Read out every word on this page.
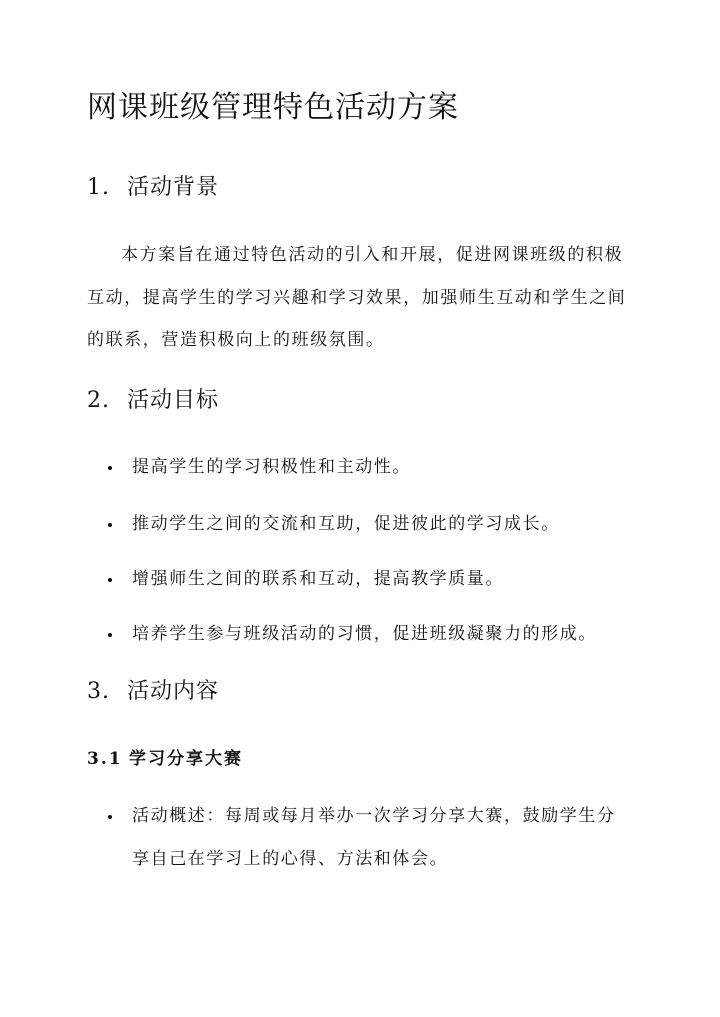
网课班级管理特色活动方案
1. 活动背景

本方案旨在通过特色活动的引入和开展，促进网课班级的积极

互动，提高学生的学习兴趣和学习效果，加强师生互动和学生之间

的联系，营造积极向上的班级氛围。

2. 活动目标
提高学生的学习积极性和主动性。
推动学生之间的交流和互助，促进彼此的学习成长。
增强师生之间的联系和互动，提高教学质量。
培养学生参与班级活动的习惯，促进班级凝聚力的形成。
3. 活动内容
3.1 学习分享大赛
活动概述：每周或每月举办一次学习分享大赛，鼓励学生分

享自己在学习上的心得、方法和体会。
